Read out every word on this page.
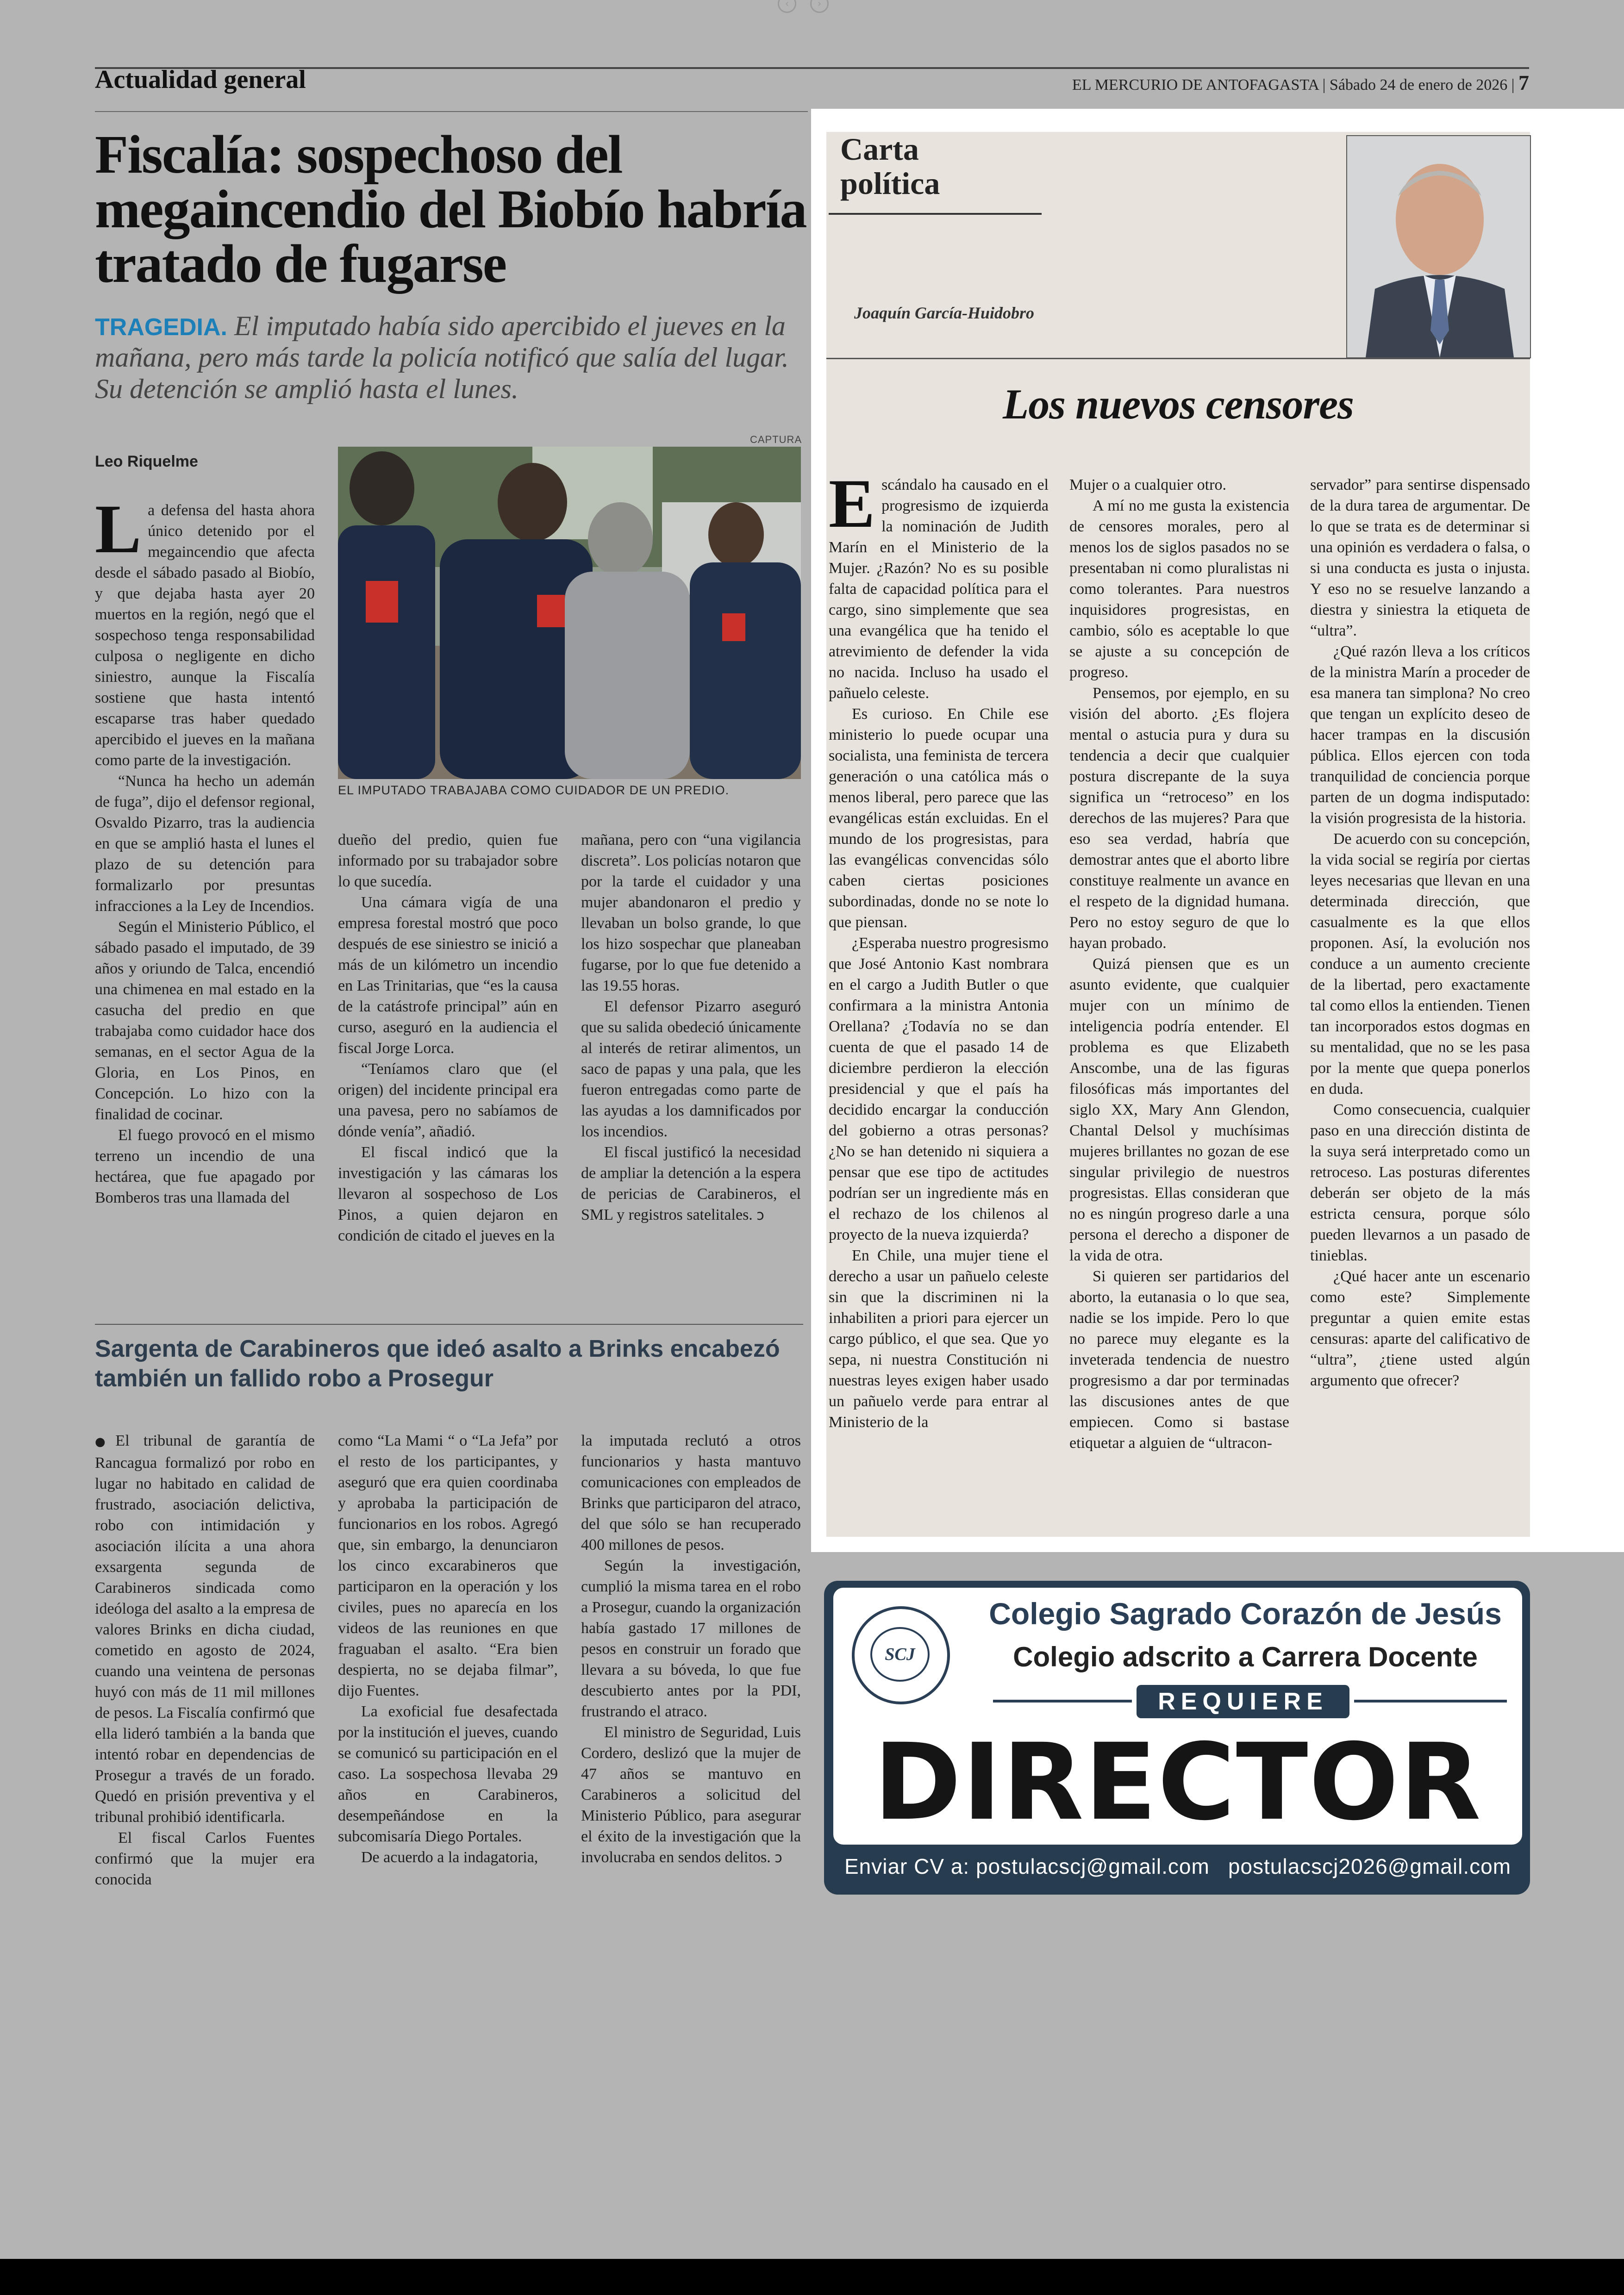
‹	›
Actualidad general	EL MERCURIO DE ANTOFAGASTA | Sábado 24 de enero de 2026 | 7
Fiscalía: sospechoso del megaincendio del Biobío habría tratado de fugarse
TRAGEDIA. El imputado había sido apercibido el jueves en la mañana, pero más tarde la policía notificó que salía del lugar. Su detención se amplió hasta el lunes.
Leo Riquelme
CAPTURA
EL IMPUTADO TRABAJABA COMO CUIDADOR DE UN PREDIO.

La defensa del hasta ahora único detenido por el megaincendio que afecta desde el sábado pasado al Biobío, y que dejaba hasta ayer 20 muertos en la región, negó que el sospechoso tenga responsabilidad culposa o negligente en dicho siniestro, aunque la Fiscalía sostiene que hasta intentó escaparse tras haber quedado apercibido el jueves en la mañana como parte de la investigación.

“Nunca ha hecho un ademán de fuga”, dijo el defensor regional, Osvaldo Pizarro, tras la audiencia en que se amplió hasta el lunes el plazo de su detención para formalizarlo por presuntas infracciones a la Ley de Incendios.

Según el Ministerio Público, el sábado pasado el imputado, de 39 años y oriundo de Talca, encendió una chimenea en mal estado en la casucha del predio en que trabajaba como cuidador hace dos semanas, en el sector Agua de la Gloria, en Los Pinos, en Concepción. Lo hizo con la finalidad de cocinar.

El fuego provocó en el mismo terreno un incendio de una hectárea, que fue apagado por Bomberos tras una llamada del

dueño del predio, quien fue informado por su trabajador sobre lo que sucedía.

Una cámara vigía de una empresa forestal mostró que poco después de ese siniestro se inició a más de un kilómetro un incendio en Las Trinitarias, que “es la causa de la catástrofe principal” aún en curso, aseguró en la audiencia el fiscal Jorge Lorca.

“Teníamos claro que (el origen) del incidente principal era una pavesa, pero no sabíamos de dónde venía”, añadió.

El fiscal indicó que la investigación y las cámaras los llevaron al sospechoso de Los Pinos, a quien dejaron en condición de citado el jueves en la

mañana, pero con “una vigilancia discreta”. Los policías notaron que por la tarde el cuidador y una mujer abandonaron el predio y llevaban un bolso grande, lo que los hizo sospechar que planeaban fugarse, por lo que fue detenido a las 19.55 horas.

El defensor Pizarro aseguró que su salida obedeció únicamente al interés de retirar alimentos, un saco de papas y una pala, que les fueron entregadas como parte de las ayudas a los damnificados por los incendios.

El fiscal justificó la necesidad de ampliar la detención a la espera de pericias de Carabineros, el SML y registros satelitales. ↄ

Sargenta de Carabineros que ideó asalto a Brinks encabezó también un fallido robo a Prosegur

●El tribunal de garantía de Rancagua formalizó por robo en lugar no habitado en calidad de frustrado, asociación delictiva, robo con intimidación y asociación ilícita a una ahora exsargenta segunda de Carabineros sindicada como ideóloga del asalto a la empresa de valores Brinks en dicha ciudad, cometido en agosto de 2024, cuando una veintena de personas huyó con más de 11 mil millones de pesos. La Fiscalía confirmó que ella lideró también a la banda que intentó robar en dependencias de Prosegur a través de un forado. Quedó en prisión preventiva y el tribunal prohibió identificarla.

El fiscal Carlos Fuentes confirmó que la mujer era conocida

como “La Mami “ o “La Jefa” por el resto de los participantes, y aseguró que era quien coordinaba y aprobaba la participación de funcionarios en los robos. Agregó que, sin embargo, la denunciaron los cinco excarabineros que participaron en la operación y los civiles, pues no aparecía en los videos de las reuniones en que fraguaban el asalto. “Era bien despierta, no se dejaba filmar”, dijo Fuentes.

La exoficial fue desafectada por la institución el jueves, cuando se comunicó su participación en el caso. La sospechosa llevaba 29 años en Carabineros, desempeñándose en la subcomisaría Diego Portales.

De acuerdo a la indagatoria,

la imputada reclutó a otros funcionarios y hasta mantuvo comunicaciones con empleados de Brinks que participaron del atraco, del que sólo se han recuperado 400 millones de pesos.

Según la investigación, cumplió la misma tarea en el robo a Prosegur, cuando la organización había gastado 17 millones de pesos en construir un forado que llevara a su bóveda, lo que fue descubierto antes por la PDI, frustrando el atraco.

El ministro de Seguridad, Luis Cordero, deslizó que la mujer de 47 años se mantuvo en Carabineros a solicitud del Ministerio Público, para asegurar el éxito de la investigación que la involucraba en sendos delitos. ↄ

Carta
política
Joaquín García-Huidobro
Los nuevos censores

Escándalo ha causado en el progresismo de izquierda la nominación de Judith Marín en el Ministerio de la Mujer. ¿Razón? No es su posible falta de capacidad política para el cargo, sino simplemente que sea una evangélica que ha tenido el atrevimiento de defender la vida no nacida. Incluso ha usado el pañuelo celeste.

Es curioso. En Chile ese ministerio lo puede ocupar una socialista, una feminista de tercera generación o una católica más o menos liberal, pero parece que las evangélicas están excluidas. En el mundo de los progresistas, para las evangélicas convencidas sólo caben ciertas posiciones subordinadas, donde no se note lo que piensan.

¿Esperaba nuestro progresismo que José Antonio Kast nombrara en el cargo a Judith Butler o que confirmara a la ministra Antonia Orellana? ¿Todavía no se dan cuenta de que el pasado 14 de diciembre perdieron la elección presidencial y que el país ha decidido encargar la conducción del gobierno a otras personas? ¿No se han detenido ni siquiera a pensar que ese tipo de actitudes podrían ser un ingrediente más en el rechazo de los chilenos al proyecto de la nueva izquierda?

En Chile, una mujer tiene el derecho a usar un pañuelo celeste sin que la discriminen ni la inhabiliten a priori para ejercer un cargo público, el que sea. Que yo sepa, ni nuestra Constitución ni nuestras leyes exigen haber usado un pañuelo verde para entrar al Ministerio de la

Mujer o a cualquier otro.

A mí no me gusta la existencia de censores morales, pero al menos los de siglos pasados no se presentaban ni como pluralistas ni como tolerantes. Para nuestros inquisidores progresistas, en cambio, sólo es aceptable lo que se ajuste a su concepción de progreso.

Pensemos, por ejemplo, en su visión del aborto. ¿Es flojera mental o astucia pura y dura su tendencia a decir que cualquier postura discrepante de la suya significa un “retroceso” en los derechos de las mujeres? Para que eso sea verdad, habría que demostrar antes que el aborto libre constituye realmente un avance en el respeto de la dignidad humana. Pero no estoy seguro de que lo hayan probado.

Quizá piensen que es un asunto evidente, que cualquier mujer con un mínimo de inteligencia podría entender. El problema es que Elizabeth Anscombe, una de las figuras filosóficas más importantes del siglo XX, Mary Ann Glendon, Chantal Delsol y muchísimas mujeres brillantes no gozan de ese singular privilegio de nuestros progresistas. Ellas consideran que no es ningún progreso darle a una persona el derecho a disponer de la vida de otra.

Si quieren ser partidarios del aborto, la eutanasia o lo que sea, nadie se los impide. Pero lo que no parece muy elegante es la inveterada tendencia de nuestro progresismo a dar por terminadas las discusiones antes de que empiecen. Como si bastase etiquetar a alguien de “ultracon-

servador” para sentirse dispensado de la dura tarea de argumentar. De lo que se trata es de determinar si una opinión es verdadera o falsa, o si una conducta es justa o injusta. Y eso no se resuelve lanzando a diestra y siniestra la etiqueta de “ultra”.

¿Qué razón lleva a los críticos de la ministra Marín a proceder de esa manera tan simplona? No creo que tengan un explícito deseo de hacer trampas en la discusión pública. Ellos ejercen con toda tranquilidad de conciencia porque parten de un dogma indisputado: la visión progresista de la historia.

De acuerdo con su concepción, la vida social se regiría por ciertas leyes necesarias que llevan en una determinada dirección, que casualmente es la que ellos proponen. Así, la evolución nos conduce a un aumento creciente de la libertad, pero exactamente tal como ellos la entienden. Tienen tan incorporados estos dogmas en su mentalidad, que no se les pasa por la mente que quepa ponerlos en duda.

Como consecuencia, cualquier paso en una dirección distinta de la suya será interpretado como un retroceso. Las posturas diferentes deberán ser objeto de la más estricta censura, porque sólo pueden llevarnos a un pasado de tinieblas.

¿Qué hacer ante un escenario como este? Simplemente preguntar a quien emite estas censuras: aparte del calificativo de “ultra”, ¿tiene usted algún argumento que ofrecer?

SCJ
Colegio Sagrado Corazón de Jesús
Colegio adscrito a Carrera Docente
REQUIERE
DIRECTOR
Enviar CV a: postulacscj@gmail.com postulacscj2026@gmail.com
